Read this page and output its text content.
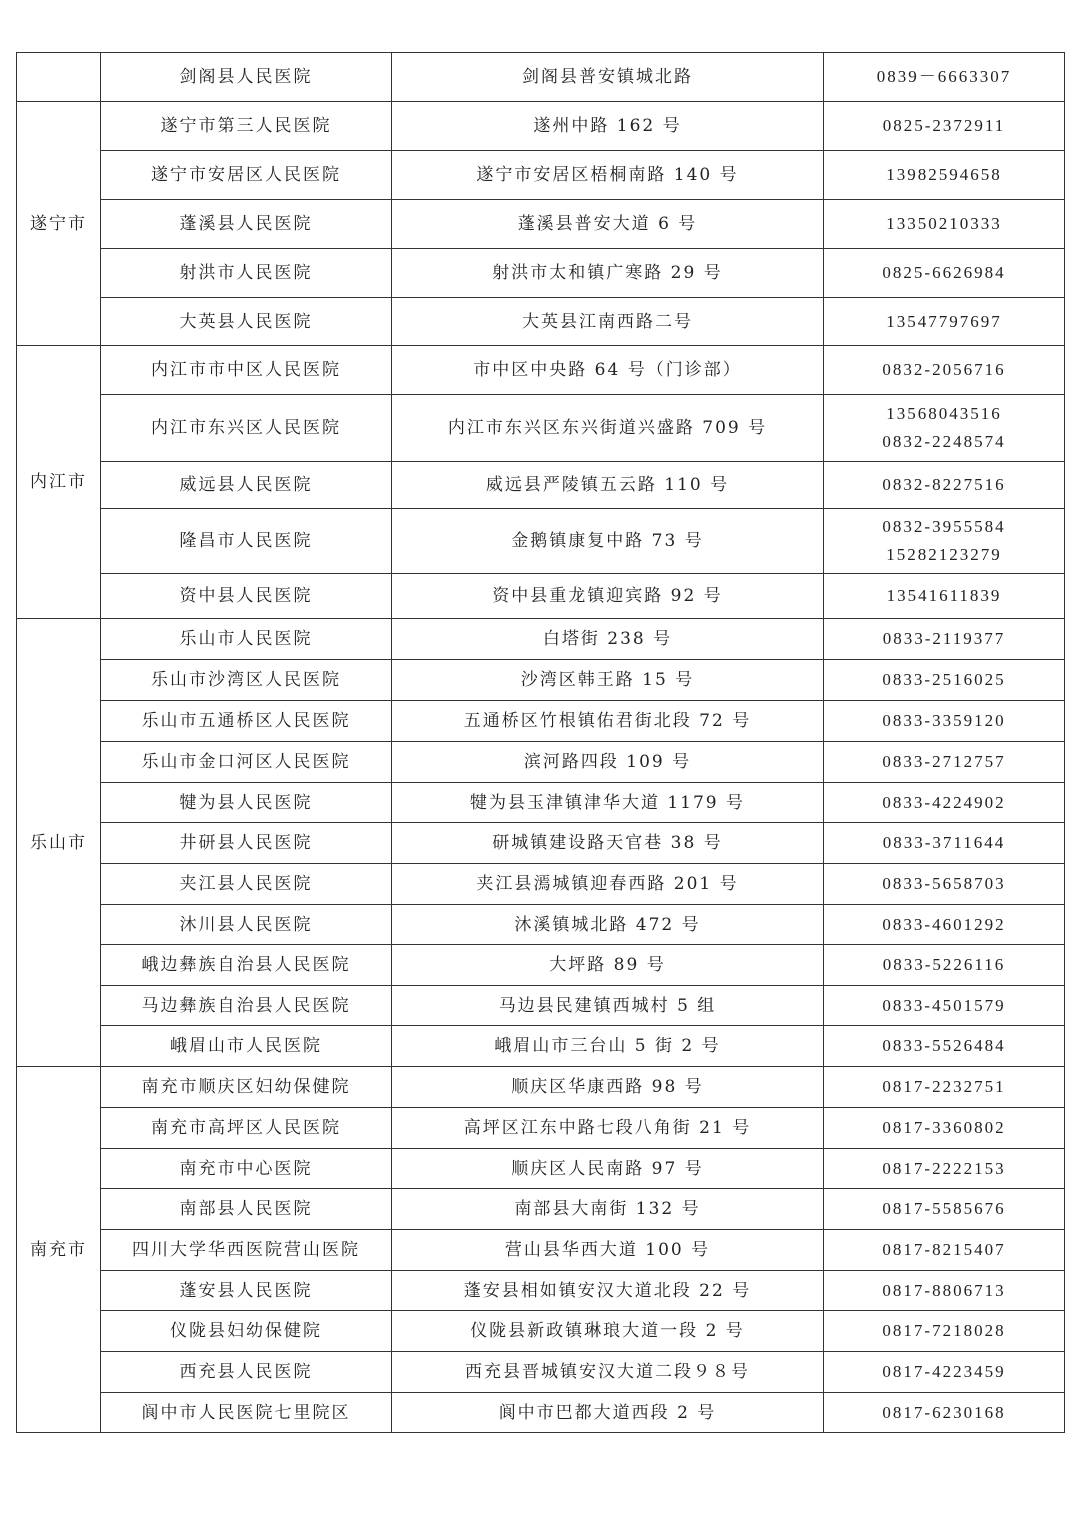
	剑阁县人民医院	剑阁县普安镇城北路	0839－6663307

遂宁市	遂宁市第三人民医院	遂州中路 162 号	0825-2372911

	遂宁市安居区人民医院	遂宁市安居区梧桐南路 140 号	13982594658

	蓬溪县人民医院	蓬溪县普安大道 6 号	13350210333

	射洪市人民医院	射洪市太和镇广寒路 29 号	0825-6626984

	大英县人民医院	大英县江南西路二号	13547797697

内江市	内江市市中区人民医院	市中区中央路 64 号（门诊部）	0832-2056716

	内江市东兴区人民医院	内江市东兴区东兴街道兴盛路 709 号	13568043516
0832-2248574

	威远县人民医院	威远县严陵镇五云路 110 号	0832-8227516

	隆昌市人民医院	金鹅镇康复中路 73 号	0832-3955584
15282123279

	资中县人民医院	资中县重龙镇迎宾路 92 号	13541611839

乐山市	乐山市人民医院	白塔街 238 号	0833-2119377

	乐山市沙湾区人民医院	沙湾区韩王路 15 号	0833-2516025

	乐山市五通桥区人民医院	五通桥区竹根镇佑君街北段 72 号	0833-3359120

	乐山市金口河区人民医院	滨河路四段 109 号	0833-2712757

	犍为县人民医院	犍为县玉津镇津华大道 1179 号	0833-4224902

	井研县人民医院	研城镇建设路天官巷 38 号	0833-3711644

	夹江县人民医院	夹江县漹城镇迎春西路 201 号	0833-5658703

	沐川县人民医院	沐溪镇城北路 472 号	0833-4601292

	峨边彝族自治县人民医院	大坪路 89 号	0833-5226116

	马边彝族自治县人民医院	马边县民建镇西城村 5 组	0833-4501579

	峨眉山市人民医院	峨眉山市三台山 5 街 2 号	0833-5526484

南充市	南充市顺庆区妇幼保健院	顺庆区华康西路 98 号	0817-2232751

	南充市高坪区人民医院	高坪区江东中路七段八角街 21 号	0817-3360802

	南充市中心医院	顺庆区人民南路 97 号	0817-2222153

	南部县人民医院	南部县大南街 132 号	0817-5585676

	四川大学华西医院营山医院	营山县华西大道 100 号	0817-8215407

	蓬安县人民医院	蓬安县相如镇安汉大道北段 22 号	0817-8806713

	仪陇县妇幼保健院	仪陇县新政镇琳琅大道一段 2 号	0817-7218028

	西充县人民医院	西充县晋城镇安汉大道二段９８号	0817-4223459

	阆中市人民医院七里院区	阆中市巴都大道西段 2 号	0817-6230168
